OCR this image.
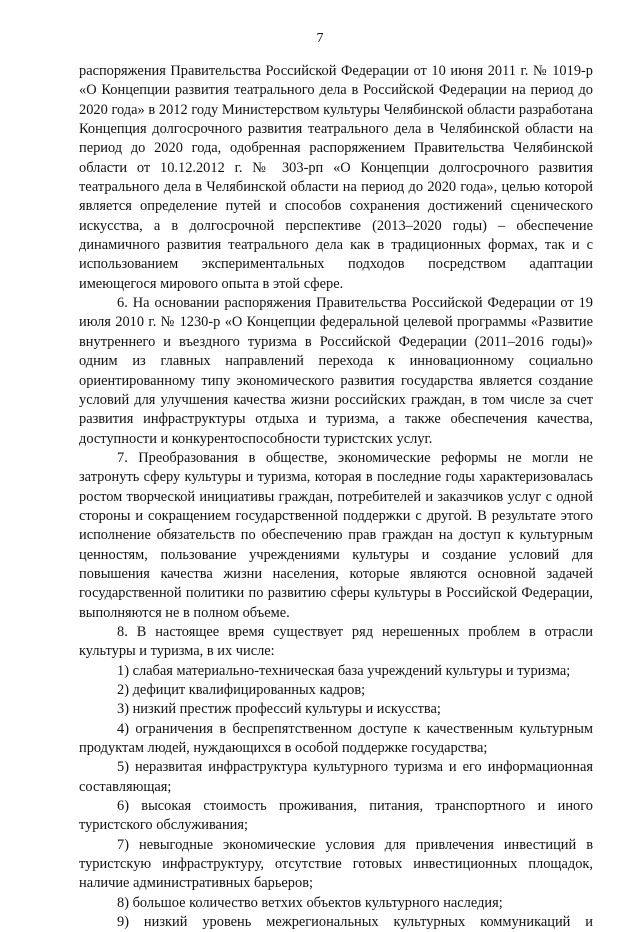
7

распоряжения Правительства Российской Федерации от 10 июня 2011 г. № 1019-р «О Концепции развития театрального дела в Российской Федерации на период до 2020 года» в 2012 году Министерством культуры Челябинской области разработана Концепция долгосрочного развития театрального дела в Челябинской области на период до 2020 года, одобренная распоряжением Правительства Челябинской области от 10.12.2012 г. № 303-рп «О Концепции долгосрочного развития театрального дела в Челябинской области на период до 2020 года», целью которой является определение путей и способов сохранения достижений сценического искусства, а в долгосрочной перспективе (2013–2020 годы) – обеспечение динамичного развития театрального дела как в традиционных формах, так и с использованием экспериментальных подходов посредством адаптации имеющегося мирового опыта в этой сфере.

6. На основании распоряжения Правительства Российской Федерации от 19 июля 2010 г. № 1230-р «О Концепции федеральной целевой программы «Развитие внутреннего и въездного туризма в Российской Федерации (2011–2016 годы)» одним из главных направлений перехода к инновационному социально ориентированному типу экономического развития государства является создание условий для улучшения качества жизни российских граждан, в том числе за счет развития инфраструктуры отдыха и туризма, а также обеспечения качества, доступности и конкурентоспособности туристских услуг.

7. Преобразования в обществе, экономические реформы не могли не затронуть сферу культуры и туризма, которая в последние годы характеризовалась ростом творческой инициативы граждан, потребителей и заказчиков услуг с одной стороны и сокращением государственной поддержки с другой. В результате этого исполнение обязательств по обеспечению прав граждан на доступ к культурным ценностям, пользование учреждениями культуры и создание условий для повышения качества жизни населения, которые являются основной задачей государственной политики по развитию сферы культуры в Российской Федерации, выполняются не в полном объеме.

8. В настоящее время существует ряд нерешенных проблем в отрасли культуры и туризма, в их числе:

1) слабая материально-техническая база учреждений культуры и туризма;

2) дефицит квалифицированных кадров;

3) низкий престиж профессий культуры и искусства;

4) ограничения в беспрепятственном доступе к качественным культурным продуктам людей, нуждающихся в особой поддержке государства;

5) неразвитая инфраструктура культурного туризма и его информационная составляющая;

6) высокая стоимость проживания, питания, транспортного и иного туристского обслуживания;

7) невыгодные экономические условия для привлечения инвестиций в туристскую инфраструктуру, отсутствие готовых инвестиционных площадок, наличие административных барьеров;

8) большое количество ветхих объектов культурного наследия;

9) низкий уровень межрегиональных культурных коммуникаций и
